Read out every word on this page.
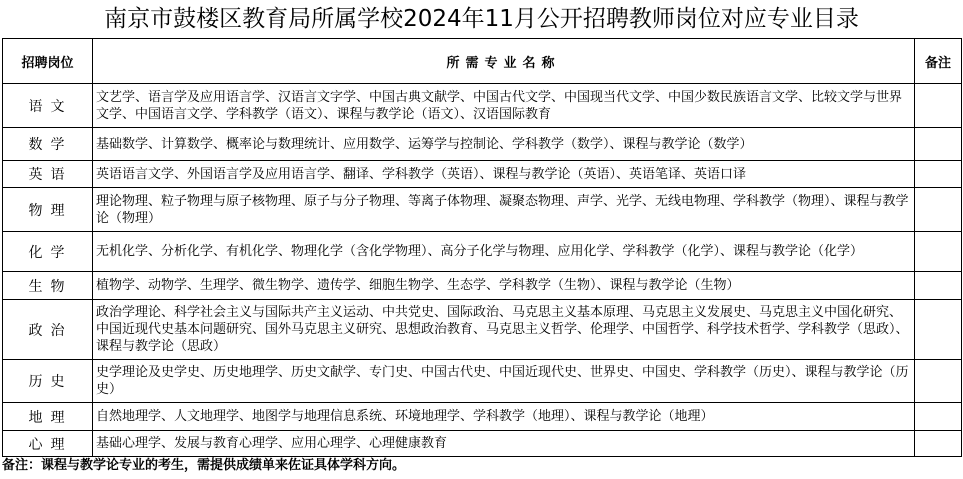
南京市鼓楼区教育局所属学校2024年11月公开招聘教师岗位对应专业目录
招聘岗位	所需专业名称	备注
语文	文艺学、语言学及应用语言学、汉语言文字学、中国古典文献学、中国古代文学、中国现当代文学、中国少数民族语言文学、比较文学与世界文学、中国语言文学、学科教学（语文）、课程与教学论（语文）、汉语国际教育	
数学	基础数学、计算数学、概率论与数理统计、应用数学、运筹学与控制论、学科教学（数学）、课程与教学论（数学）	
英语	英语语言文学、外国语言学及应用语言学、翻译、学科教学（英语）、课程与教学论（英语）、英语笔译、英语口译	
物理	理论物理、粒子物理与原子核物理、原子与分子物理、等离子体物理、凝聚态物理、声学、光学、无线电物理、学科教学（物理）、课程与教学论（物理）	
化学	无机化学、分析化学、有机化学、物理化学（含化学物理）、高分子化学与物理、应用化学、学科教学（化学）、课程与教学论（化学）	
生物	植物学、动物学、生理学、微生物学、遗传学、细胞生物学、生态学、学科教学（生物）、课程与教学论（生物）	
政治	政治学理论、科学社会主义与国际共产主义运动、中共党史、国际政治、马克思主义基本原理、马克思主义发展史、马克思主义中国化研究、中国近现代史基本问题研究、国外马克思主义研究、思想政治教育、马克思主义哲学、伦理学、中国哲学、科学技术哲学、学科教学（思政）、课程与教学论（思政）	
历史	史学理论及史学史、历史地理学、历史文献学、专门史、中国古代史、中国近现代史、世界史、中国史、学科教学（历史）、课程与教学论（历史）	
地理	自然地理学、人文地理学、地图学与地理信息系统、环境地理学、学科教学（地理）、课程与教学论（地理）	
心理	基础心理学、发展与教育心理学、应用心理学、心理健康教育	
备注：课程与教学论专业的考生，需提供成绩单来佐证具体学科方向。
